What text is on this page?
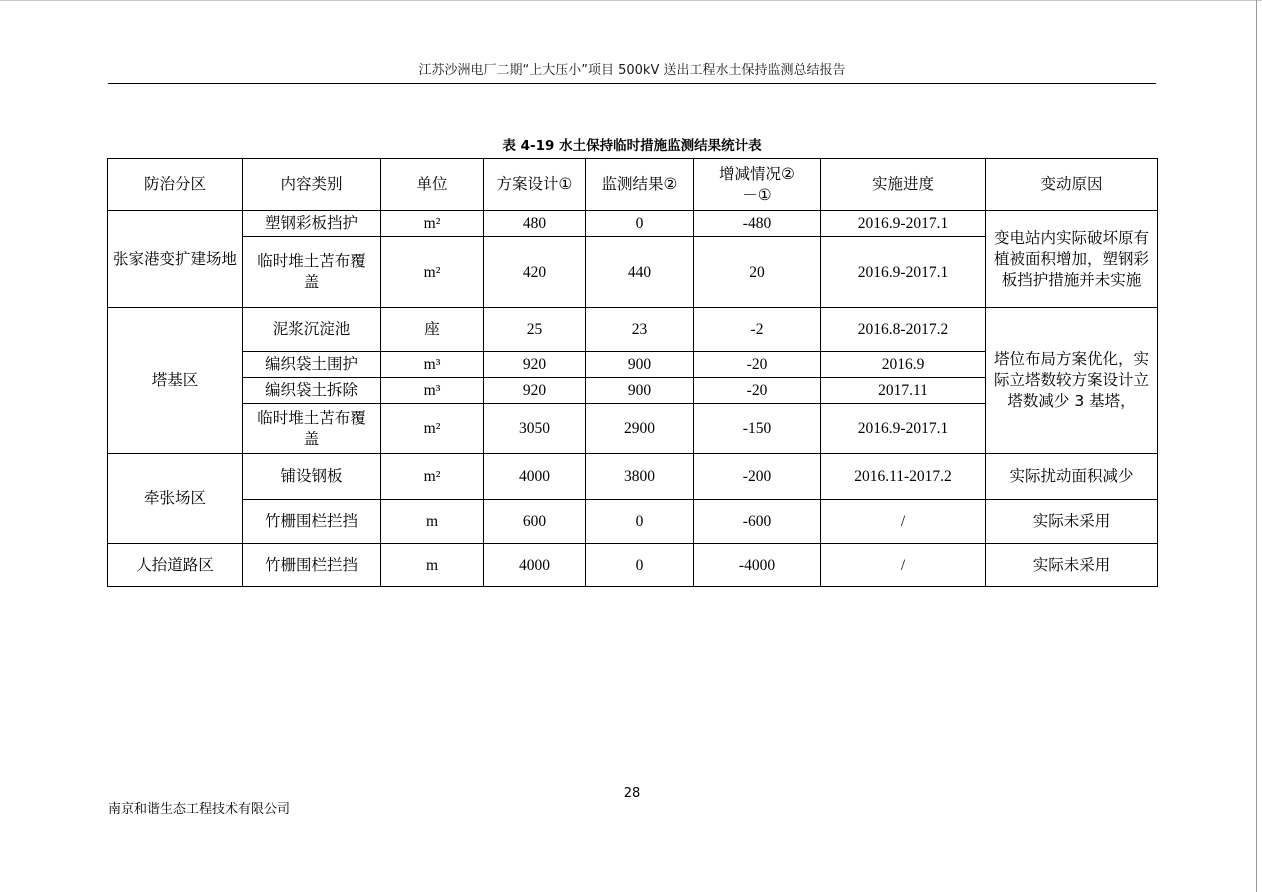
江苏沙洲电厂二期“上大压小”项目 500kV 送出工程水土保持监测总结报告
表 4-19 水土保持临时措施监测结果统计表
防治分区	内容类别	单位	方案设计①	监测结果②	增减情况②－①	实施进度	变动原因
张家港变扩建场地	塑钢彩板挡护	m²	480	0	-480	2016.9-2017.1	变电站内实际破坏原有植被面积增加，塑钢彩板挡护措施并未实施
	临时堆土苫布覆盖	m²	420	440	20	2016.9-2017.1	
塔基区	泥浆沉淀池	座	25	23	-2	2016.8-2017.2	塔位布局方案优化，实际立塔数较方案设计立塔数减少 3 基塔，
	编织袋土围护	m³	920	900	-20	2016.9	
	编织袋土拆除	m³	920	900	-20	2017.11	
	临时堆土苫布覆盖	m²	3050	2900	-150	2016.9-2017.1	
牵张场区	铺设钢板	m²	4000	3800	-200	2016.11-2017.2	实际扰动面积减少
	竹栅围栏拦挡	m	600	0	-600	/	实际未采用
人抬道路区	竹栅围栏拦挡	m	4000	0	-4000	/	实际未采用
28
南京和谐生态工程技术有限公司
